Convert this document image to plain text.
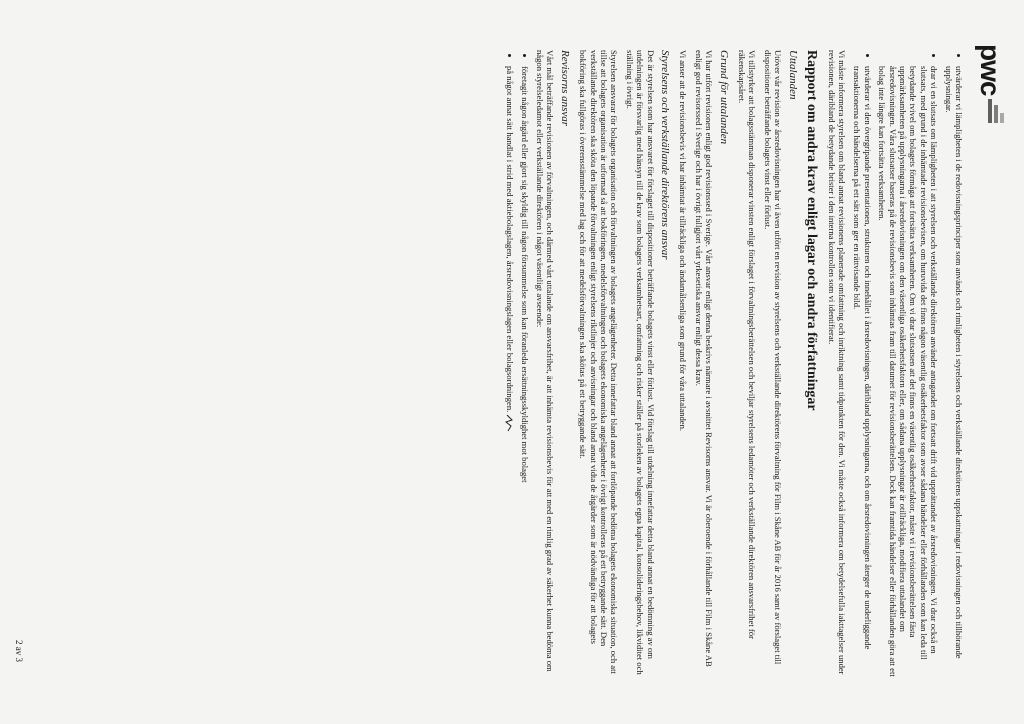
pwc
• utvärderar vi lämpligheten i de redovisningsprinciper som används och rimligheten i styrelsens och verkställande direktörens uppskattningar i redovisningen och tillhörande upplysningar.
• drar vi en slutsats om lämpligheten i att styrelsen och verkställande direktören använder antagandet om fortsatt drift vid upprättandet av årsredovisningen. Vi drar också en slutsats, med grund i de inhämtade revisionsbevisen, om huruvida det finns någon väsentlig osäkerhetsfaktor som avser sådana händelser eller förhållanden som kan leda till betydande tvivel om bolagets förmåga att fortsätta verksamheten. Om vi drar slutsatsen att det finns en väsentlig osäkerhetsfaktor, måste vi i revisionsberättelsen fästa uppmärksamheten på upplysningarna i årsredovisningen om den väsentliga osäkerhetsfaktorn eller, om sådana upplysningar är otillräckliga, modifiera uttalandet om årsredovisningen. Våra slutsatser baseras på de revisionsbevis som inhämtas fram till datumet för revisionsberättelsen. Dock kan framtida händelser eller förhållanden göra att ett bolag inte längre kan fortsätta verksamheten.
• utvärderar vi den övergripande presentationen, strukturen och innehållet i årsredovisningen, däribland upplysningarna, och om årsredovisningen återger de underliggande transaktionerna och händelserna på ett sätt som ger en rättvisande bild.

Vi måste informera styrelsen om bland annat revisionens planerade omfattning och inriktning samt tidpunkten för den. Vi måste också informera om betydelsefulla iakttagelser under revisionen, däribland de betydande brister i den interna kontrollen som vi identifierat.

Rapport om andra krav enligt lagar och andra författningar
Uttalanden

Utöver vår revision av årsredovisningen har vi även utfört en revision av styrelsens och verkställande direktörens förvaltning för Film i Skåne AB för år 2016 samt av förslaget till dispositioner beträffande bolagets vinst eller förlust.

Vi tillstyrker att bolagsstämman disponerar vinsten enligt förslaget i förvaltningsberättelsen och beviljar styrelsens ledamöter och verkställande direktören ansvarsfrihet för räkenskapsåret.

Grund för uttalanden

Vi har utfört revisionen enligt god revisionssed i Sverige. Vårt ansvar enligt denna beskrivs närmare i avsnittet Revisorns ansvar. Vi är oberoende i förhållande till Film i Skåne AB enligt god revisorssed i Sverige och har i övrigt fullgjort vårt yrkesetiska ansvar enligt dessa krav.

Vi anser att de revisionsbevis vi har inhämtat är tillräckliga och ändamålsenliga som grund för våra uttalanden.

Styrelsens och verkställande direktörens ansvar

Det är styrelsen som har ansvaret för förslaget till dispositioner beträffande bolagets vinst eller förlust. Vid förslag till utdelning innefattar detta bland annat en bedömning av om utdelningen är försvarlig med hänsyn till de krav som bolagets verksamhetsart, omfattning och risker ställer på storleken av bolagets egna kapital, konsolideringsbehov, likviditet och ställning i övrigt.

Styrelsen ansvarar för bolagets organisation och förvaltningen av bolagets angelägenheter. Detta innefattar bland annat att fortlöpande bedöma bolagets ekonomiska situation, och att tillse att bolagets organisation är utformad så att bokföringen, medelsförvaltningen och bolagets ekonomiska angelägenheter i övrigt kontrolleras på ett betryggande sätt. Den verkställande direktören ska sköta den löpande förvaltningen enligt styrelsens riktlinjer och anvisningar och bland annat vidta de åtgärder som är nödvändiga för att bolagets bokföring ska fullgöras i överensstämmelse med lag och för att medelsförvaltningen ska skötas på ett betryggande sätt.

Revisorns ansvar

Vårt mål beträffande revisionen av förvaltningen, och därmed vårt uttalande om ansvarsfrihet, är att inhämta revisionsbevis för att med en rimlig grad av säkerhet kunna bedöma om någon styrelseledamot eller verkställande direktören i något väsentligt avseende:

• företagit någon åtgärd eller gjort sig skyldig till någon försummelse som kan föranleda ersättningsskyldighet mot bolaget
• på något annat sätt handlat i strid med aktiebolagslagen, årsredovisningslagen eller bolagsordningen.
2 av 3
